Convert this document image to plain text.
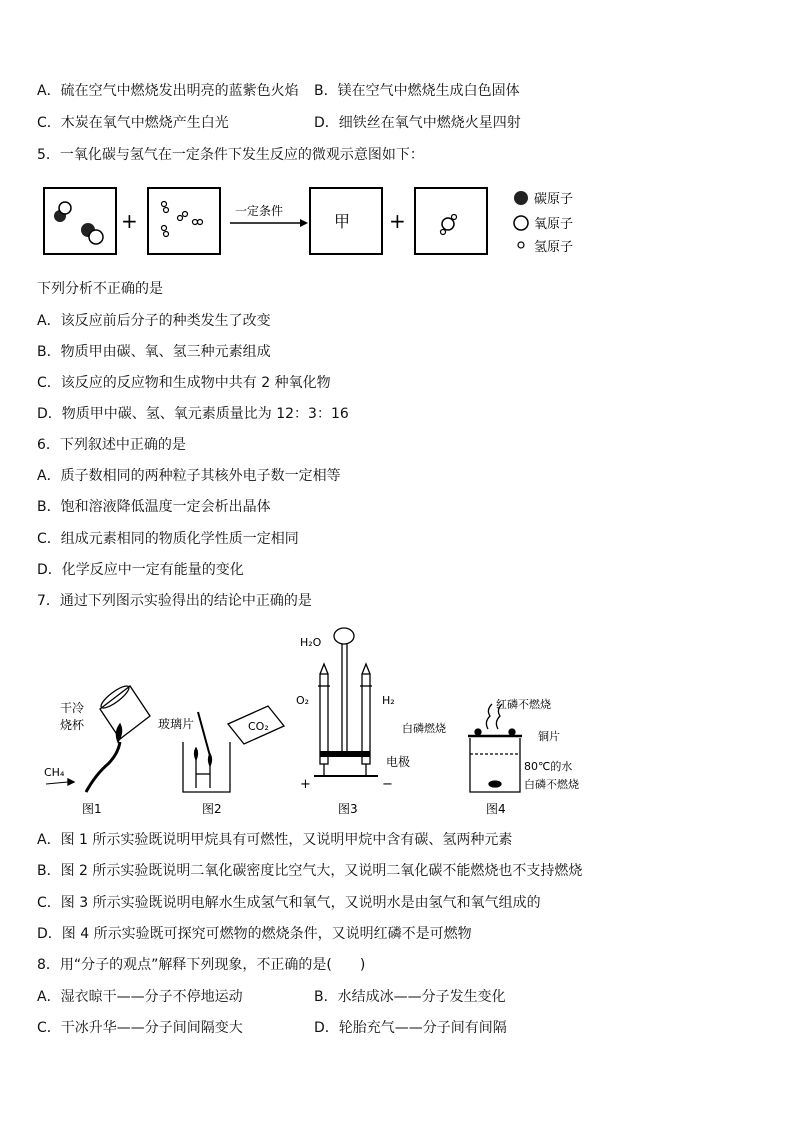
A．硫在空气中燃烧发出明亮的蓝紫色火焰 B．镁在空气中燃烧生成白色固体
C．木炭在氧气中燃烧产生白光	D．细铁丝在氧气中燃烧火星四射
5．一氧化碳与氢气在一定条件下发生反应的微观示意图如下：
+	一定条件
甲 +
碳原子
氧原子
氢原子
下列分析不正确的是
A．该反应前后分子的种类发生了改变
B．物质甲由碳、氧、氢三种元素组成
C．该反应的反应物和生成物中共有 2 种氧化物
D．物质甲中碳、氢、氧元素质量比为 12：3：16
6．下列叙述中正确的是
A．质子数相同的两种粒子其核外电子数一定相等
B．饱和溶液降低温度一定会析出晶体
C．组成元素相同的物质化学性质一定相同
D．化学反应中一定有能量的变化
7．通过下列图示实验得出的结论中正确的是
干冷
烧杯
CH₄
图1
玻璃片	CO₂
图2
H₂O
O₂	H₂
电极
+	−
图3
红磷不燃烧
白磷燃烧
铜片
80℃的水
白磷不燃烧
图4
A．图 1 所示实验既说明甲烷具有可燃性，又说明甲烷中含有碳、氢两种元素
B．图 2 所示实验既说明二氧化碳密度比空气大，又说明二氧化碳不能燃烧也不支持燃烧
C．图 3 所示实验既说明电解水生成氢气和氧气，又说明水是由氢气和氧气组成的
D．图 4 所示实验既可探究可燃物的燃烧条件，又说明红磷不是可燃物
8．用“分子的观点”解释下列现象，不正确的是(　　)
A．湿衣晾干——分子不停地运动	B．水结成冰——分子发生变化
C．干冰升华——分子间间隔变大	D．轮胎充气——分子间有间隔
